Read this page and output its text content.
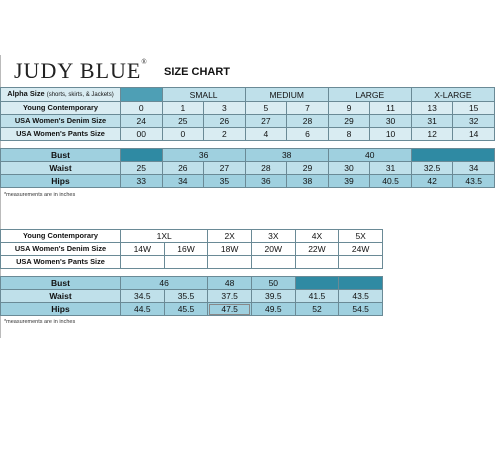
JUDY BLUE®
SIZE CHART
Alpha Size (shorts, skirts, & Jackets)		SMALL		MEDIUM		LARGE		X-LARGE	
Young Contemporary	0	1	3	5	7	9	11	13	15
USA Women's Denim Size	24	25	26	27	28	29	30	31	32
USA Women's Pants Size	00	0	2	4	6	8	10	12	14
Bust		36		38		40			
Waist	25	26	27	28	29	30	31	32.5	34
Hips	33	34	35	36	38	39	40.5	42	43.5
*measurements are in inches
Young Contemporary	1XL		2X	3X	4X	5X
USA Women's Denim Size	14W	16W	18W	20W	22W	24W
USA Women's Pants Size						
Bust	46		48	50		
Waist	34.5	35.5	37.5	39.5	41.5	43.5
Hips	44.5	45.5	47.5	49.5	52	54.5
*measurements are in inches
